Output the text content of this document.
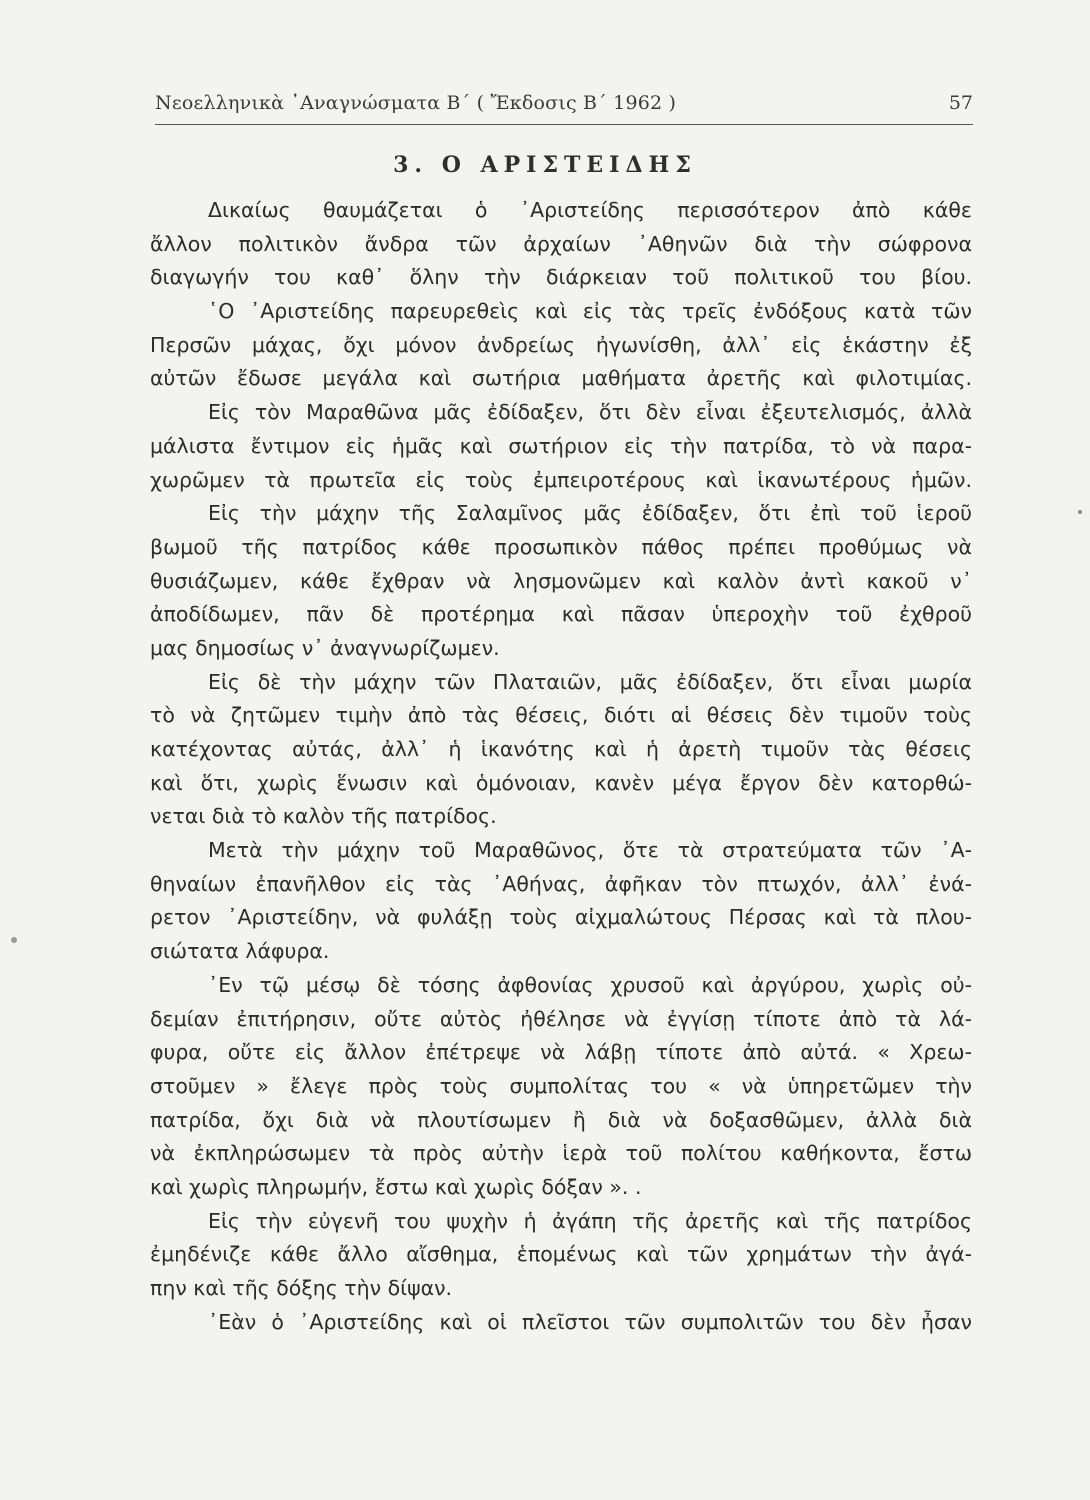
Νεοελληνικὰ ᾿Αναγνώσματα Β΄ ( Ἔκδοσις Β΄ 1962 )	57
3. Ο ΑΡΙΣΤΕΙΔΗΣ
Δικαίως θαυμάζεται ὁ ᾿Αριστείδης περισσότερον ἀπὸ κάθε
ἄλλον πολιτικὸν ἄνδρα τῶν ἀρχαίων ᾿Αθηνῶν διὰ τὴν σώφρονα
διαγωγήν του καθ᾿ ὅλην τὴν διάρκειαν τοῦ πολιτικοῦ του βίου.
῾Ο ᾿Αριστείδης παρευρεθεὶς καὶ εἰς τὰς τρεῖς ἐνδόξους κατὰ τῶν
Περσῶν μάχας, ὄχι μόνον ἀνδρείως ἠγωνίσθη, ἀλλ᾿ εἰς ἑκάστην ἐξ
αὐτῶν ἔδωσε μεγάλα καὶ σωτήρια μαθήματα ἀρετῆς καὶ φιλοτιμίας.
Εἰς τὸν Μαραθῶνα μᾶς ἐδίδαξεν, ὅτι δὲν εἶναι ἐξευτελισμός, ἀλλὰ
μάλιστα ἔντιμον εἰς ἡμᾶς καὶ σωτήριον εἰς τὴν πατρίδα, τὸ νὰ παρα-
χωρῶμεν τὰ πρωτεῖα εἰς τοὺς ἐμπειροτέρους καὶ ἱκανωτέρους ἡμῶν.
Εἰς τὴν μάχην τῆς Σαλαμῖνος μᾶς ἐδίδαξεν, ὅτι ἐπὶ τοῦ ἱεροῦ
βωμοῦ τῆς πατρίδος κάθε προσωπικὸν πάθος πρέπει προθύμως νὰ
θυσιάζωμεν, κάθε ἔχθραν νὰ λησμονῶμεν καὶ καλὸν ἀντὶ κακοῦ ν᾿
ἀποδίδωμεν, πᾶν δὲ προτέρημα καὶ πᾶσαν ὑπεροχὴν τοῦ ἐχθροῦ
μας δημοσίως ν᾿ ἀναγνωρίζωμεν.
Εἰς δὲ τὴν μάχην τῶν Πλαταιῶν, μᾶς ἐδίδαξεν, ὅτι εἶναι μωρία
τὸ νὰ ζητῶμεν τιμὴν ἀπὸ τὰς θέσεις, διότι αἱ θέσεις δὲν τιμοῦν τοὺς
κατέχοντας αὐτάς, ἀλλ᾿ ἡ ἱκανότης καὶ ἡ ἀρετὴ τιμοῦν τὰς θέσεις
καὶ ὅτι, χωρὶς ἕνωσιν καὶ ὁμόνοιαν, κανὲν μέγα ἔργον δὲν κατορθώ-
νεται διὰ τὸ καλὸν τῆς πατρίδος.
Μετὰ τὴν μάχην τοῦ Μαραθῶνος, ὅτε τὰ στρατεύματα τῶν ᾿Α-
θηναίων ἐπανῆλθον εἰς τὰς ᾿Αθήνας, ἀφῆκαν τὸν πτωχόν, ἀλλ᾿ ἐνά-
ρετον ᾿Αριστείδην, νὰ φυλάξῃ τοὺς αἰχμαλώτους Πέρσας καὶ τὰ πλου-
σιώτατα λάφυρα.
᾿Εν τῷ μέσῳ δὲ τόσης ἀφθονίας χρυσοῦ καὶ ἀργύρου, χωρὶς οὐ-
δεμίαν ἐπιτήρησιν, οὔτε αὐτὸς ἠθέλησε νὰ ἐγγίσῃ τίποτε ἀπὸ τὰ λά-
φυρα, οὔτε εἰς ἄλλον ἐπέτρεψε νὰ λάβῃ τίποτε ἀπὸ αὐτά. « Χρεω-
στοῦμεν » ἔλεγε πρὸς τοὺς συμπολίτας του « νὰ ὑπηρετῶμεν τὴν
πατρίδα, ὄχι διὰ νὰ πλουτίσωμεν ἢ διὰ νὰ δοξασθῶμεν, ἀλλὰ διὰ
νὰ ἐκπληρώσωμεν τὰ πρὸς αὐτὴν ἱερὰ τοῦ πολίτου καθήκοντα, ἔστω
καὶ χωρὶς πληρωμήν, ἔστω καὶ χωρὶς δόξαν ». .
Εἰς τὴν εὐγενῆ του ψυχὴν ἡ ἀγάπη τῆς ἀρετῆς καὶ τῆς πατρίδος
ἐμηδένιζε κάθε ἄλλο αἴσθημα, ἑπομένως καὶ τῶν χρημάτων τὴν ἀγά-
πην καὶ τῆς δόξης τὴν δίψαν.
᾿Εὰν ὁ ᾿Αριστείδης καὶ οἱ πλεῖστοι τῶν συμπολιτῶν του δὲν ἦσαν
